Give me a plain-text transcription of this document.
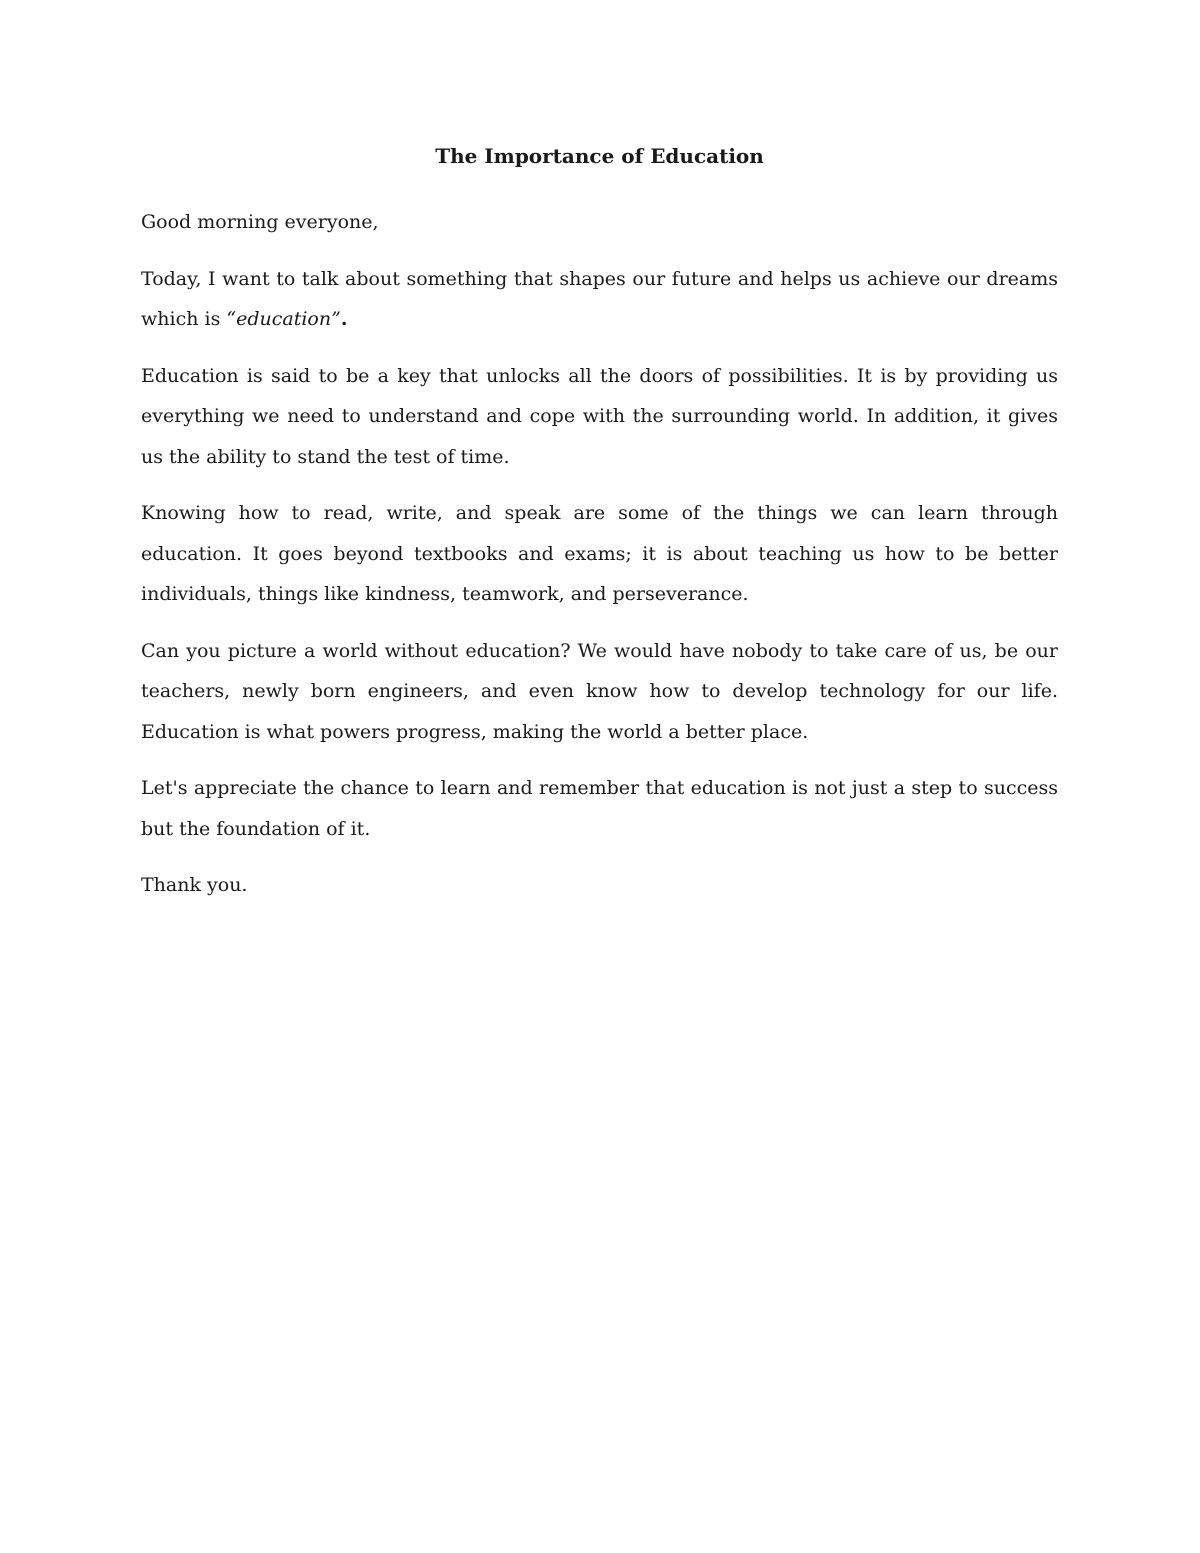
The Importance of Education

Good morning everyone,

Today, I want to talk about something that shapes our future and helps us achieve our dreams which is “education”.

Education is said to be a key that unlocks all the doors of possibilities. It is by providing us everything we need to understand and cope with the surrounding world. In addition, it gives us the ability to stand the test of time.

Knowing how to read, write, and speak are some of the things we can learn through education. It goes beyond textbooks and exams; it is about teaching us how to be better individuals, things like kindness, teamwork, and perseverance.

Can you picture a world without education? We would have nobody to take care of us, be our teachers, newly born engineers, and even know how to develop technology for our life. Education is what powers progress, making the world a better place.

Let's appreciate the chance to learn and remember that education is not just a step to success but the foundation of it.

Thank you.
